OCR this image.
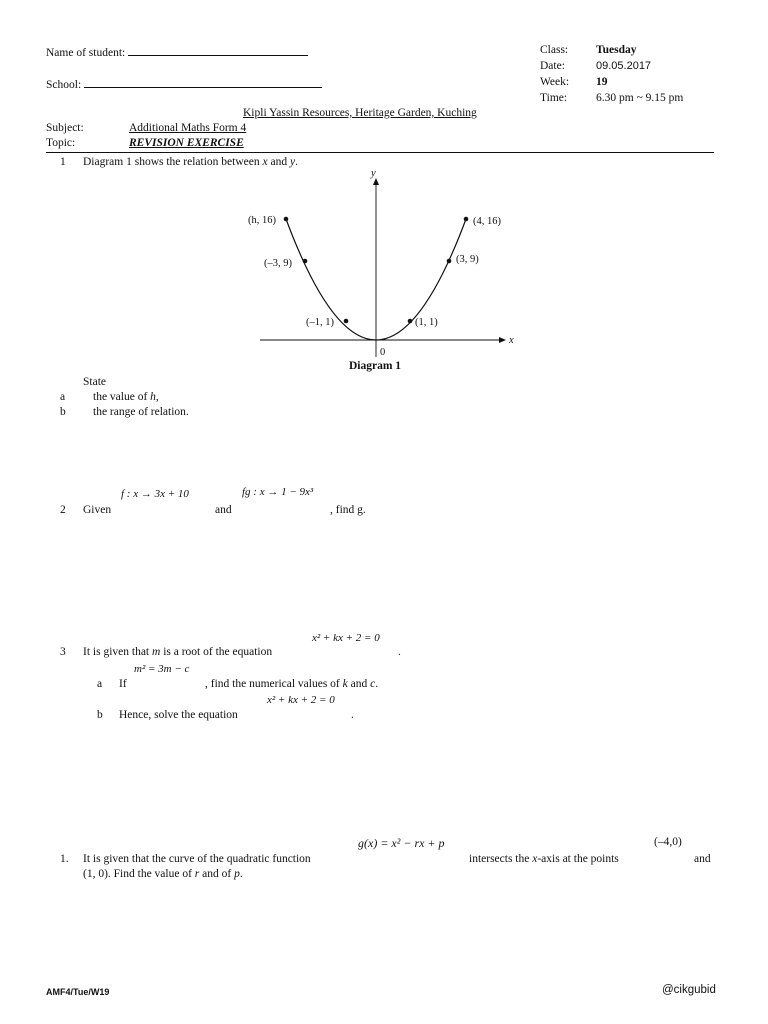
Name of student:
School:
Class: Tuesday
Date:	09.05.2017
Week: 19
Time:	6.30 pm ~ 9.15 pm
Kipli Yassin Resources, Heritage Garden, Kuching
Subject:	Additional Maths Form 4
Topic:	REVISION EXERCISE
1 Diagram 1 shows the relation between x and y.
x
y
0
(h, 16)
(–3, 9)
(–1, 1)	(1, 1)
(3, 9)
(4, 16)
Diagram 1
State
a the value of h,
b the range of relation.
f : x → 3x + 10	fg : x → 1 − 9x³
2 Given	and	, find g.
x² + kx + 2 = 0
3 It is given that m is a root of the equation	.
m² = 3m − c
a If	, find the numerical values of k and c.
x² + kx + 2 = 0
b Hence, solve the equation	.
g(x) = x² − rx + p	(–4,0)
1. It is given that the curve of the quadratic function	intersects the x-axis at the points	and
(1, 0). Find the value of r and of p.
AMF4/Tue/W19	@cikgubid
